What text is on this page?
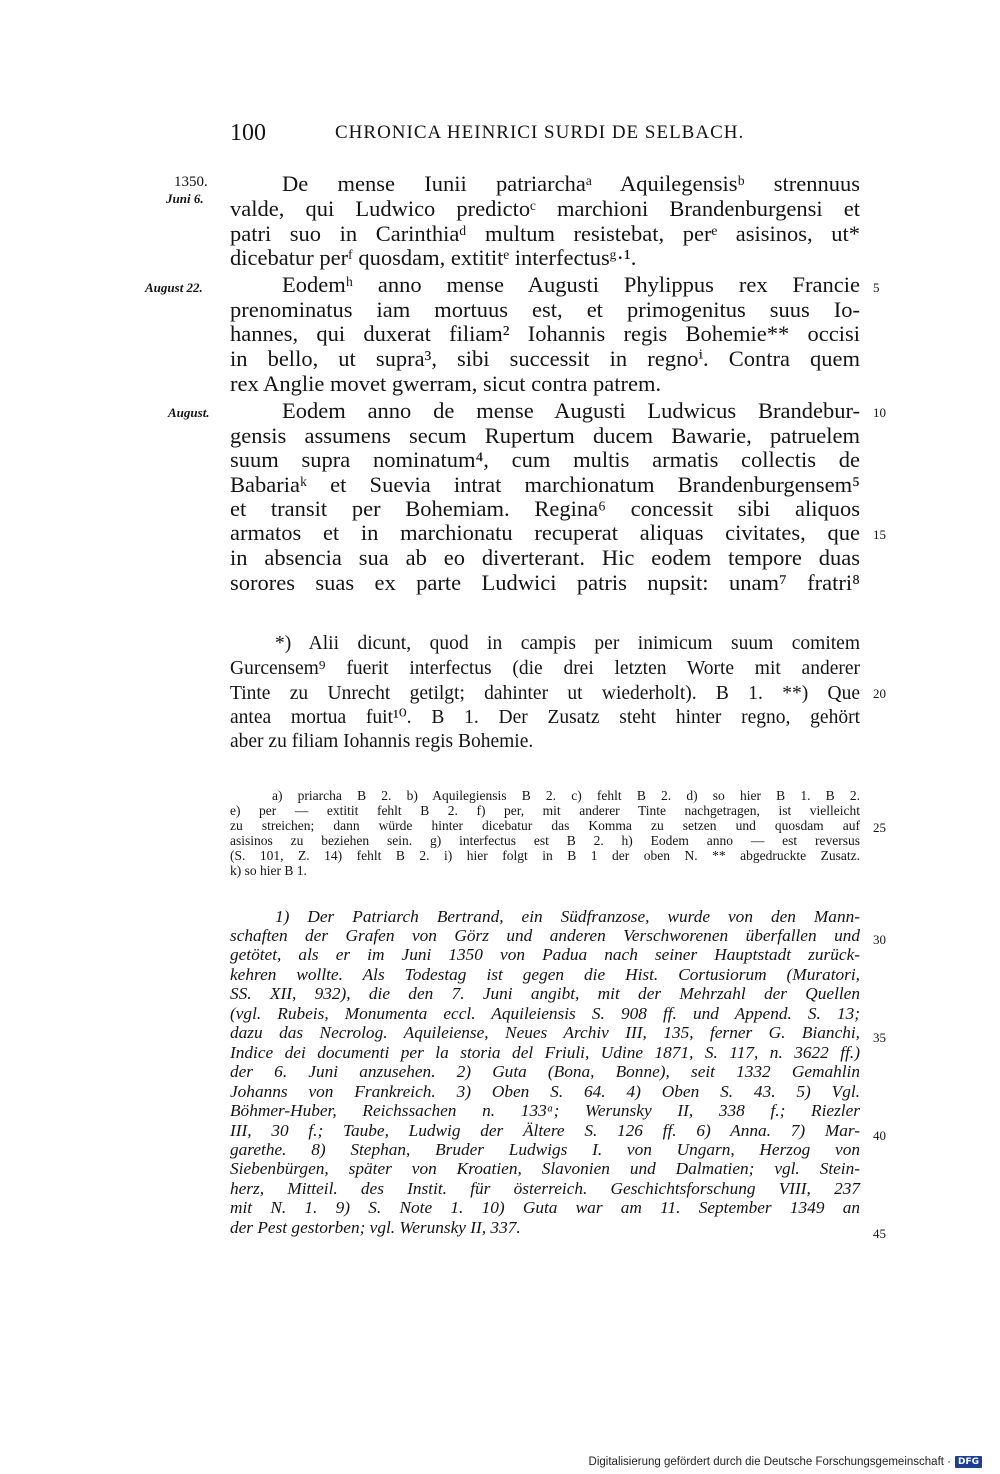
100	CHRONICA HEINRICI SURDI DE SELBACH.
1350.
Juni 6.
August 22.
August.
5
10
15
20
25
30
35
40
45
De mense Iunii patriarchaᵃ Aquilegensisᵇ strennuus
valde, qui Ludwico predictoᶜ marchioni Brandenburgensi et
patri suo in Carinthiaᵈ multum resistebat, perᵉ asisinos, ut*
dicebatur perᶠ quosdam, extititᵉ interfectusᵍ·¹.
Eodemʰ anno mense Augusti Phylippus rex Francie
prenominatus iam mortuus est, et primogenitus suus Io-
hannes, qui duxerat filiam² Iohannis regis Bohemie** occisi
in bello, ut supra³, sibi successit in regnoⁱ. Contra quem
rex Anglie movet gwerram, sicut contra patrem.
Eodem anno de mense Augusti Ludwicus Brandebur-
gensis assumens secum Rupertum ducem Bawarie, patruelem
suum supra nominatum⁴, cum multis armatis collectis de
Babariaᵏ et Suevia intrat marchionatum Brandenburgensem⁵
et transit per Bohemiam. Regina⁶ concessit sibi aliquos
armatos et in marchionatu recuperat aliquas civitates, que
in absencia sua ab eo diverterant. Hic eodem tempore duas
sorores suas ex parte Ludwici patris nupsit: unam⁷ fratri⁸
*) Alii dicunt, quod in campis per inimicum suum comitem
Gurcensem⁹ fuerit interfectus (die drei letzten Worte mit anderer
Tinte zu Unrecht getilgt; dahinter ut wiederholt). B 1. **) Que
antea mortua fuit¹⁰. B 1. Der Zusatz steht hinter regno, gehört
aber zu filiam Iohannis regis Bohemie.
a) priarcha B 2. b) Aquilegiensis B 2. c) fehlt B 2. d) so hier B 1. B 2.
e) per — extitit fehlt B 2. f) per, mit anderer Tinte nachgetragen, ist vielleicht
zu streichen; dann würde hinter dicebatur das Komma zu setzen und quosdam auf
asisinos zu beziehen sein. g) interfectus est B 2. h) Eodem anno — est reversus
(S. 101, Z. 14) fehlt B 2. i) hier folgt in B 1 der oben N. ** abgedruckte Zusatz.
k) so hier B 1.
1) Der Patriarch Bertrand, ein Südfranzose, wurde von den Mann-
schaften der Grafen von Görz und anderen Verschworenen überfallen und
getötet, als er im Juni 1350 von Padua nach seiner Hauptstadt zurück-
kehren wollte. Als Todestag ist gegen die Hist. Cortusiorum (Muratori,
SS. XII, 932), die den 7. Juni angibt, mit der Mehrzahl der Quellen
(vgl. Rubeis, Monumenta eccl. Aquileiensis S. 908 ff. und Append. S. 13;
dazu das Necrolog. Aquileiense, Neues Archiv III, 135, ferner G. Bianchi,
Indice dei documenti per la storia del Friuli, Udine 1871, S. 117, n. 3622 ff.)
der 6. Juni anzusehen. 2) Guta (Bona, Bonne), seit 1332 Gemahlin
Johanns von Frankreich. 3) Oben S. 64. 4) Oben S. 43. 5) Vgl.
Böhmer-Huber, Reichssachen n. 133ᵃ; Werunsky II, 338 f.; Riezler
III, 30 f.; Taube, Ludwig der Ältere S. 126 ff. 6) Anna. 7) Mar-
garethe. 8) Stephan, Bruder Ludwigs I. von Ungarn, Herzog von
Siebenbürgen, später von Kroatien, Slavonien und Dalmatien; vgl. Stein-
herz, Mitteil. des Instit. für österreich. Geschichtsforschung VIII, 237
mit N. 1. 9) S. Note 1. 10) Guta war am 11. September 1349 an
der Pest gestorben; vgl. Werunsky II, 337.
Digitalisierung gefördert durch die Deutsche Forschungsgemeinschaft · DFG
